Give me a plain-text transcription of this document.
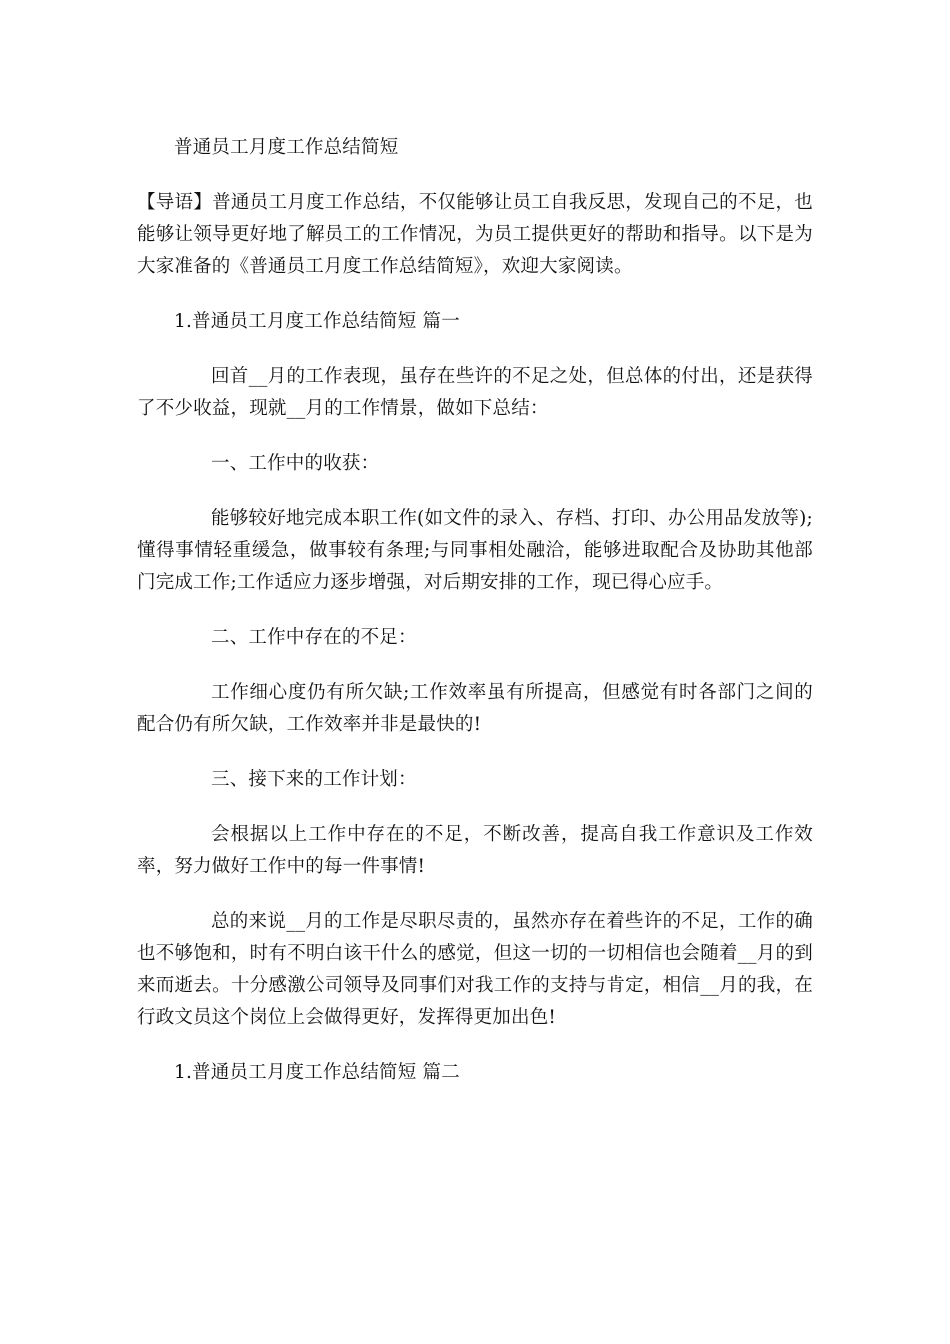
普通员工月度工作总结简短

【导语】普通员工月度工作总结，不仅能够让员工自我反思，发现自己的不足，也能够让领导更好地了解员工的工作情况，为员工提供更好的帮助和指导。以下是为大家准备的《普通员工月度工作总结简短》，欢迎大家阅读。

1.普通员工月度工作总结简短 篇一

回首__月的工作表现，虽存在些许的不足之处，但总体的付出，还是获得了不少收益，现就__月的工作情景，做如下总结：

一、工作中的收获：

能够较好地完成本职工作(如文件的录入、存档、打印、办公用品发放等);懂得事情轻重缓急，做事较有条理;与同事相处融洽，能够进取配合及协助其他部门完成工作;工作适应力逐步增强，对后期安排的工作，现已得心应手。

二、工作中存在的不足：

工作细心度仍有所欠缺;工作效率虽有所提高，但感觉有时各部门之间的配合仍有所欠缺，工作效率并非是最快的!

三、接下来的工作计划：

会根据以上工作中存在的不足，不断改善，提高自我工作意识及工作效率，努力做好工作中的每一件事情!

总的来说__月的工作是尽职尽责的，虽然亦存在着些许的不足，工作的确也不够饱和，时有不明白该干什么的感觉，但这一切的一切相信也会随着__月的到来而逝去。十分感激公司领导及同事们对我工作的支持与肯定，相信__月的我，在行政文员这个岗位上会做得更好，发挥得更加出色!

1.普通员工月度工作总结简短 篇二
